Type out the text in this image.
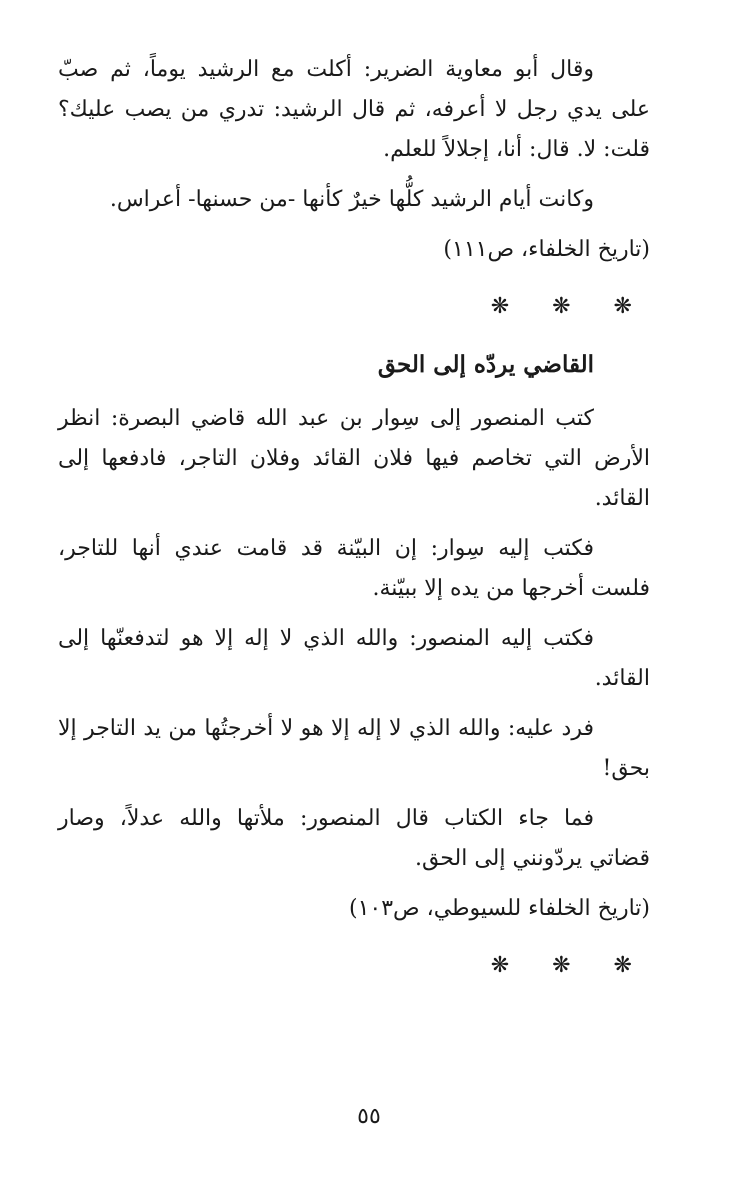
وقال أبو معاوية الضرير: أكلت مع الرشيد يوماً، ثم صبّ على يدي رجل لا أعرفه، ثم قال الرشيد: تدري من يصب عليك؟ قلت: لا. قال: أنا، إجلالاً للعلم.

وكانت أيام الرشيد كلُّها خيرٌ كأنها -من حسنها- أعراس.

(تاريخ الخلفاء، ص١١١)

❋ ❋ ❋

القاضي يردّه إلى الحق

كتب المنصور إلى سِوار بن عبد الله قاضي البصرة: انظر الأرض التي تخاصم فيها فلان القائد وفلان التاجر، فادفعها إلى القائد.

فكتب إليه سِوار: إن البيّنة قد قامت عندي أنها للتاجر، فلست أخرجها من يده إلا ببيّنة.

فكتب إليه المنصور: والله الذي لا إله إلا هو لتدفعنّها إلى القائد.

فرد عليه: والله الذي لا إله إلا هو لا أخرجتُها من يد التاجر إلا بحق!

فما جاء الكتاب قال المنصور: ملأتها والله عدلاً، وصار قضاتي يردّونني إلى الحق.

(تاريخ الخلفاء للسيوطي، ص١٠٣)

❋ ❋ ❋
٥٥
